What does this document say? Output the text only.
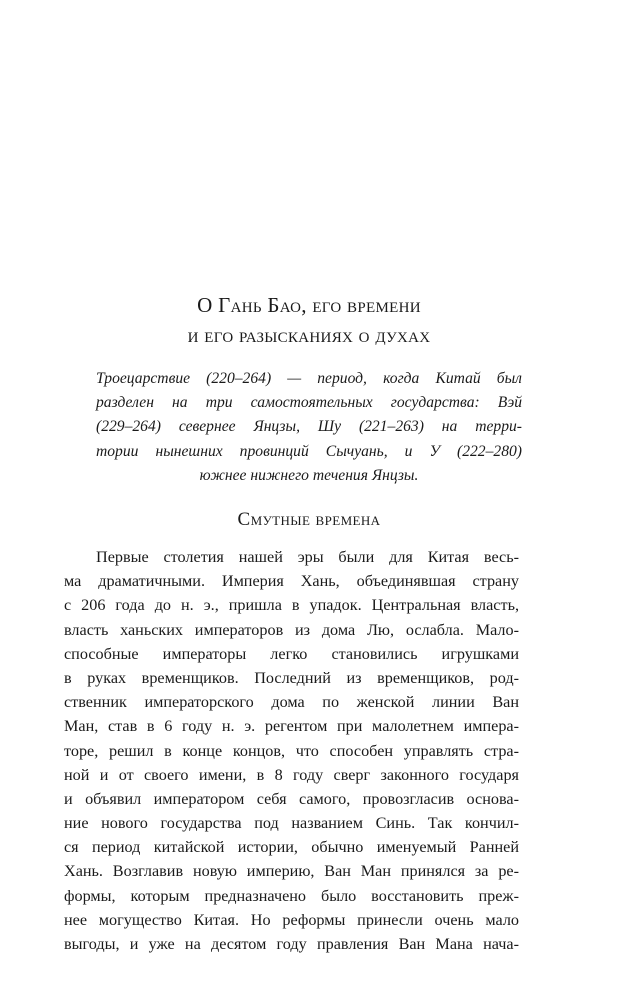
О Гань Бао, его времени
и его разысканиях о духах
Троецарствие (220–264) — период, когда Китай был
разделен на три самостоятельных государства: Вэй
(229–264) севернее Янцзы, Шу (221–263) на терри-
тории нынешних провинций Сычуань, и У (222–280)
южнее нижнего течения Янцзы.
Смутные времена
Первые столетия нашей эры были для Китая весь-
ма драматичными. Империя Хань, объединявшая страну
с 206 года до н. э., пришла в упадок. Центральная власть,
власть ханьских императоров из дома Лю, ослабла. Мало-
способные императоры легко становились игрушками
в руках временщиков. Последний из временщиков, род-
ственник императорского дома по женской линии Ван
Ман, став в 6 году н. э. регентом при малолетнем импера-
торе, решил в конце концов, что способен управлять стра-
ной и от своего имени, в 8 году сверг законного государя
и объявил императором себя самого, провозгласив основа-
ние нового государства под названием Синь. Так кончил-
ся период китайской истории, обычно именуемый Ранней
Хань. Возглавив новую империю, Ван Ман принялся за ре-
формы, которым предназначено было восстановить преж-
нее могущество Китая. Но реформы принесли очень мало
выгоды, и уже на десятом году правления Ван Мана нача-
